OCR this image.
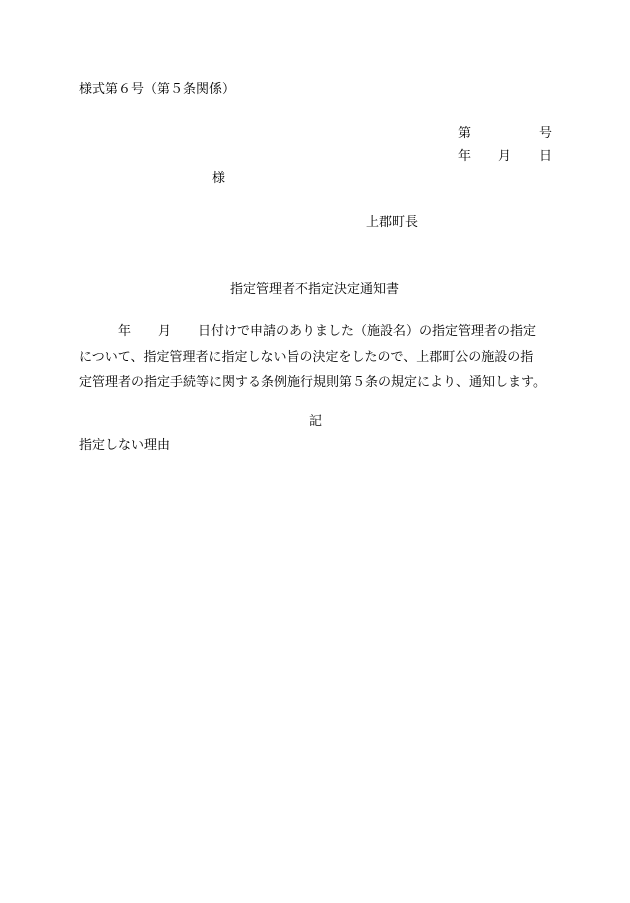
様式第６号（第５条関係）
第	号
年 月 日
様
上郡町長
指定管理者不指定決定通知書
年 月 日付けで申請のありました（施設名）の指定管理者の指定
について、指定管理者に指定しない旨の決定をしたので、上郡町公の施設の指
定管理者の指定手続等に関する条例施行規則第５条の規定により、通知します。
記
指定しない理由
